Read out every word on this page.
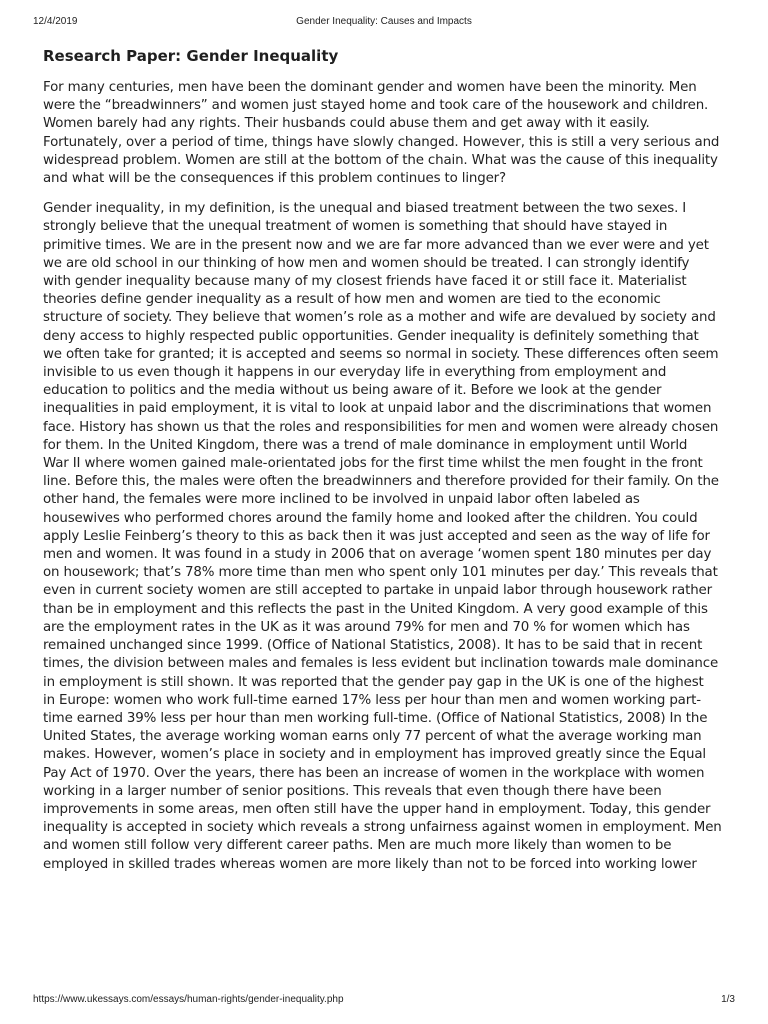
12/4/2019	Gender Inequality: Causes and Impacts
Research Paper: Gender Inequality

For many centuries, men have been the dominant gender and women have been the minority. Men
were the “breadwinners” and women just stayed home and took care of the housework and children.
Women barely had any rights. Their husbands could abuse them and get away with it easily.
Fortunately, over a period of time, things have slowly changed. However, this is still a very serious and
widespread problem. Women are still at the bottom of the chain. What was the cause of this inequality
and what will be the consequences if this problem continues to linger?

Gender inequality, in my definition, is the unequal and biased treatment between the two sexes. I
strongly believe that the unequal treatment of women is something that should have stayed in
primitive times. We are in the present now and we are far more advanced than we ever were and yet
we are old school in our thinking of how men and women should be treated. I can strongly identify
with gender inequality because many of my closest friends have faced it or still face it. Materialist
theories define gender inequality as a result of how men and women are tied to the economic
structure of society. They believe that women’s role as a mother and wife are devalued by society and
deny access to highly respected public opportunities. Gender inequality is definitely something that
we often take for granted; it is accepted and seems so normal in society. These differences often seem
invisible to us even though it happens in our everyday life in everything from employment and
education to politics and the media without us being aware of it. Before we look at the gender
inequalities in paid employment, it is vital to look at unpaid labor and the discriminations that women
face. History has shown us that the roles and responsibilities for men and women were already chosen
for them. In the United Kingdom, there was a trend of male dominance in employment until World
War II where women gained male-orientated jobs for the first time whilst the men fought in the front
line. Before this, the males were often the breadwinners and therefore provided for their family. On the
other hand, the females were more inclined to be involved in unpaid labor often labeled as
housewives who performed chores around the family home and looked after the children. You could
apply Leslie Feinberg’s theory to this as back then it was just accepted and seen as the way of life for
men and women. It was found in a study in 2006 that on average ‘women spent 180 minutes per day
on housework; that’s 78% more time than men who spent only 101 minutes per day.’ This reveals that
even in current society women are still accepted to partake in unpaid labor through housework rather
than be in employment and this reflects the past in the United Kingdom. A very good example of this
are the employment rates in the UK as it was around 79% for men and 70 % for women which has
remained unchanged since 1999. (Office of National Statistics, 2008). It has to be said that in recent
times, the division between males and females is less evident but inclination towards male dominance
in employment is still shown. It was reported that the gender pay gap in the UK is one of the highest
in Europe: women who work full-time earned 17% less per hour than men and women working part-
time earned 39% less per hour than men working full-time. (Office of National Statistics, 2008) In the
United States, the average working woman earns only 77 percent of what the average working man
makes. However, women’s place in society and in employment has improved greatly since the Equal
Pay Act of 1970. Over the years, there has been an increase of women in the workplace with women
working in a larger number of senior positions. This reveals that even though there have been
improvements in some areas, men often still have the upper hand in employment. Today, this gender
inequality is accepted in society which reveals a strong unfairness against women in employment. Men
and women still follow very different career paths. Men are much more likely than women to be
employed in skilled trades whereas women are more likely than not to be forced into working lower

https://www.ukessays.com/essays/human-rights/gender-inequality.php	1/3
